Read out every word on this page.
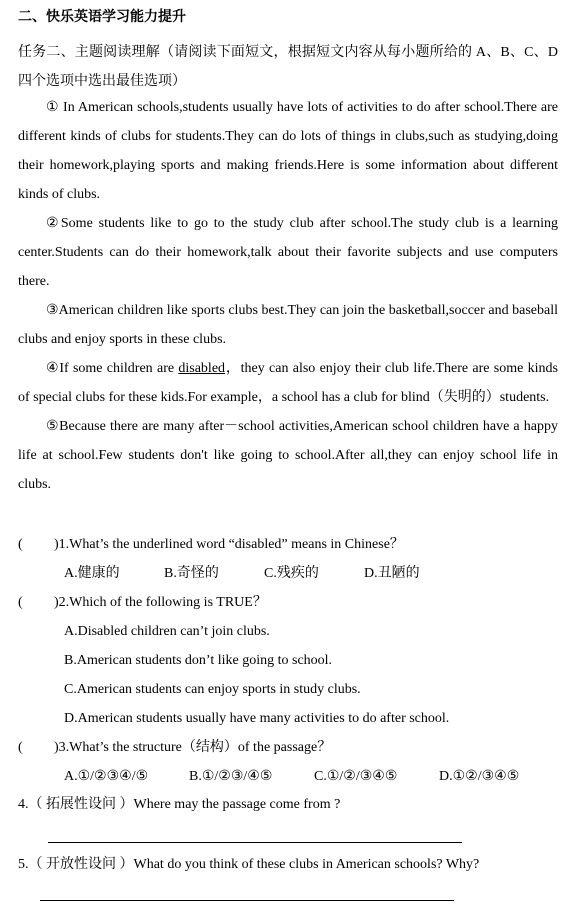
二、快乐英语学习能力提升
任务二、主题阅读理解（请阅读下面短文，根据短文内容从每小题所给的 A、B、C、D 四个选项中选出最佳选项）

① In American schools,students usually have lots of activities to do after school.There are different kinds of clubs for students.They can do lots of things in clubs,such as studying,doing their homework,playing sports and making friends.Here is some information about different kinds of clubs.

②Some students like to go to the study club after school.The study club is a learning center.Students can do their homework,talk about their favorite subjects and use computers there.

③American children like sports clubs best.They can join the basketball,soccer and baseball clubs and enjoy sports in these clubs.

④If some children are disabled，they can also enjoy their club life.There are some kinds of special clubs for these kids.For example，a school has a club for blind（失明的）students.

⑤Because there are many after－school activities,American school children have a happy life at school.Few students don't like going to school.After all,they can enjoy school life in clubs.

(	)1.What’s the underlined word “disabled” means in Chinese？
A.健康的	B.奇怪的	C.残疾的	D.丑陋的
(	)2.Which of the following is TRUE？
A.Disabled children can’t join clubs.
B.American students don’t like going to school.
C.American students can enjoy sports in study clubs.
D.American students usually have many activities to do after school.
(	)3.What’s the structure（结构）of the passage？
A.①/②③④/⑤	B.①/②③/④⑤	C.①/②/③④⑤	D.①②/③④⑤
4.（ 拓展性设问 ）Where may the passage come from ?
5.（ 开放性设问 ）What do you think of these clubs in American schools? Why?
